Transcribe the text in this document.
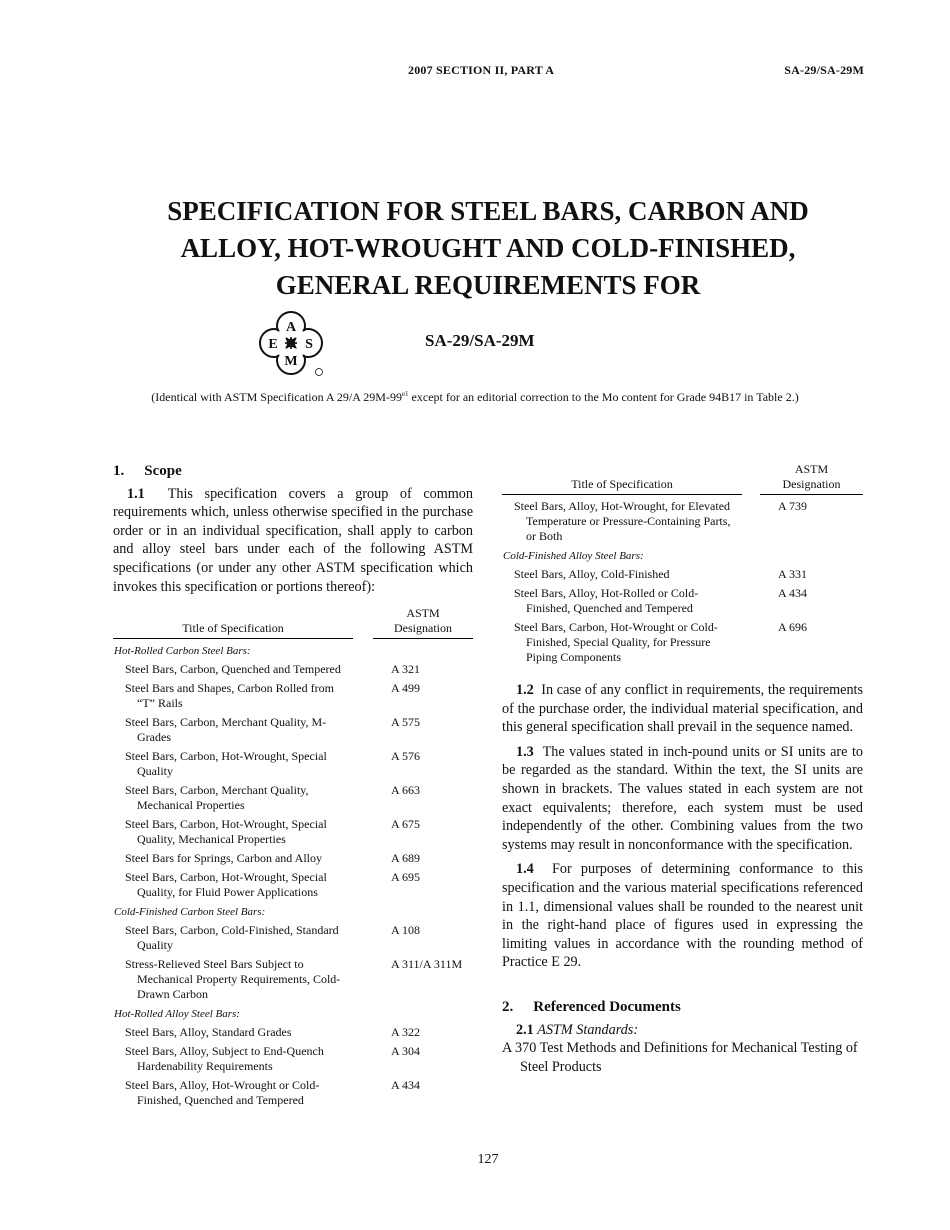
2007 SECTION II, PART A	SA-29/SA-29M
SPECIFICATION FOR STEEL BARS, CARBON AND
ALLOY, HOT-WROUGHT AND COLD-FINISHED,
GENERAL REQUIREMENTS FOR
A
E S
M
SA-29/SA-29M
(Identical with ASTM Specification A 29/A $29M-99^{e1}$ except for an editorial correction to the Mo content for Grade 94B17 in Table 2.)
1. Scope

1.1 This specification covers a group of common requirements which, unless otherwise specified in the purchase order or in an individual specification, shall apply to carbon and alloy steel bars under each of the following ASTM specifications (or under any other ASTM specification which invokes this specification or portions thereof):

Title of Specification		ASTM
Designation

Hot-Rolled Carbon Steel Bars:		

Steel Bars, Carbon, Quenched and Tempered		A 321

Steel Bars and Shapes, Carbon Rolled from “T” Rails		A 499

Steel Bars, Carbon, Merchant Quality, M-Grades		A 575

Steel Bars, Carbon, Hot-Wrought, Special Quality		A 576

Steel Bars, Carbon, Merchant Quality, Mechanical Properties		A 663

Steel Bars, Carbon, Hot-Wrought, Special Quality, Mechanical Properties		A 675

Steel Bars for Springs, Carbon and Alloy		A 689

Steel Bars, Carbon, Hot-Wrought, Special Quality, for Fluid Power Applications		A 695
Cold-Finished Carbon Steel Bars:		

Steel Bars, Carbon, Cold-Finished, Standard Quality		A 108

Stress-Relieved Steel Bars Subject to Mechanical Property Requirements, Cold-Drawn Carbon		A 311/A 311M
Hot-Rolled Alloy Steel Bars:		

Steel Bars, Alloy, Standard Grades		A 322

Steel Bars, Alloy, Subject to End-Quench Hardenability Requirements		A 304

Steel Bars, Alloy, Hot-Wrought or Cold-Finished, Quenched and Tempered		A 434
Title of Specification		ASTM
Designation

Steel Bars, Alloy, Hot-Wrought, for Elevated Temperature or Pressure-Containing Parts, or Both		A 739
Cold-Finished Alloy Steel Bars:		

Steel Bars, Alloy, Cold-Finished		A 331

Steel Bars, Alloy, Hot-Rolled or Cold-Finished, Quenched and Tempered		A 434

Steel Bars, Carbon, Hot-Wrought or Cold-Finished, Special Quality, for Pressure Piping Components		A 696

1.2 In case of any conflict in requirements, the requirements of the purchase order, the individual material specification, and this general specification shall prevail in the sequence named.

1.3 The values stated in inch-pound units or SI units are to be regarded as the standard. Within the text, the SI units are shown in brackets. The values stated in each system are not exact equivalents; therefore, each system must be used independently of the other. Combining values from the two systems may result in nonconformance with the specification.

1.4 For purposes of determining conformance to this specification and the various material specifications referenced in 1.1, dimensional values shall be rounded to the nearest unit in the right-hand place of figures used in expressing the limiting values in accordance with the rounding method of Practice E 29.

2. Referenced Documents
2.1 ASTM Standards:
A 370 Test Methods and Definitions for Mechanical Testing of Steel Products
127
